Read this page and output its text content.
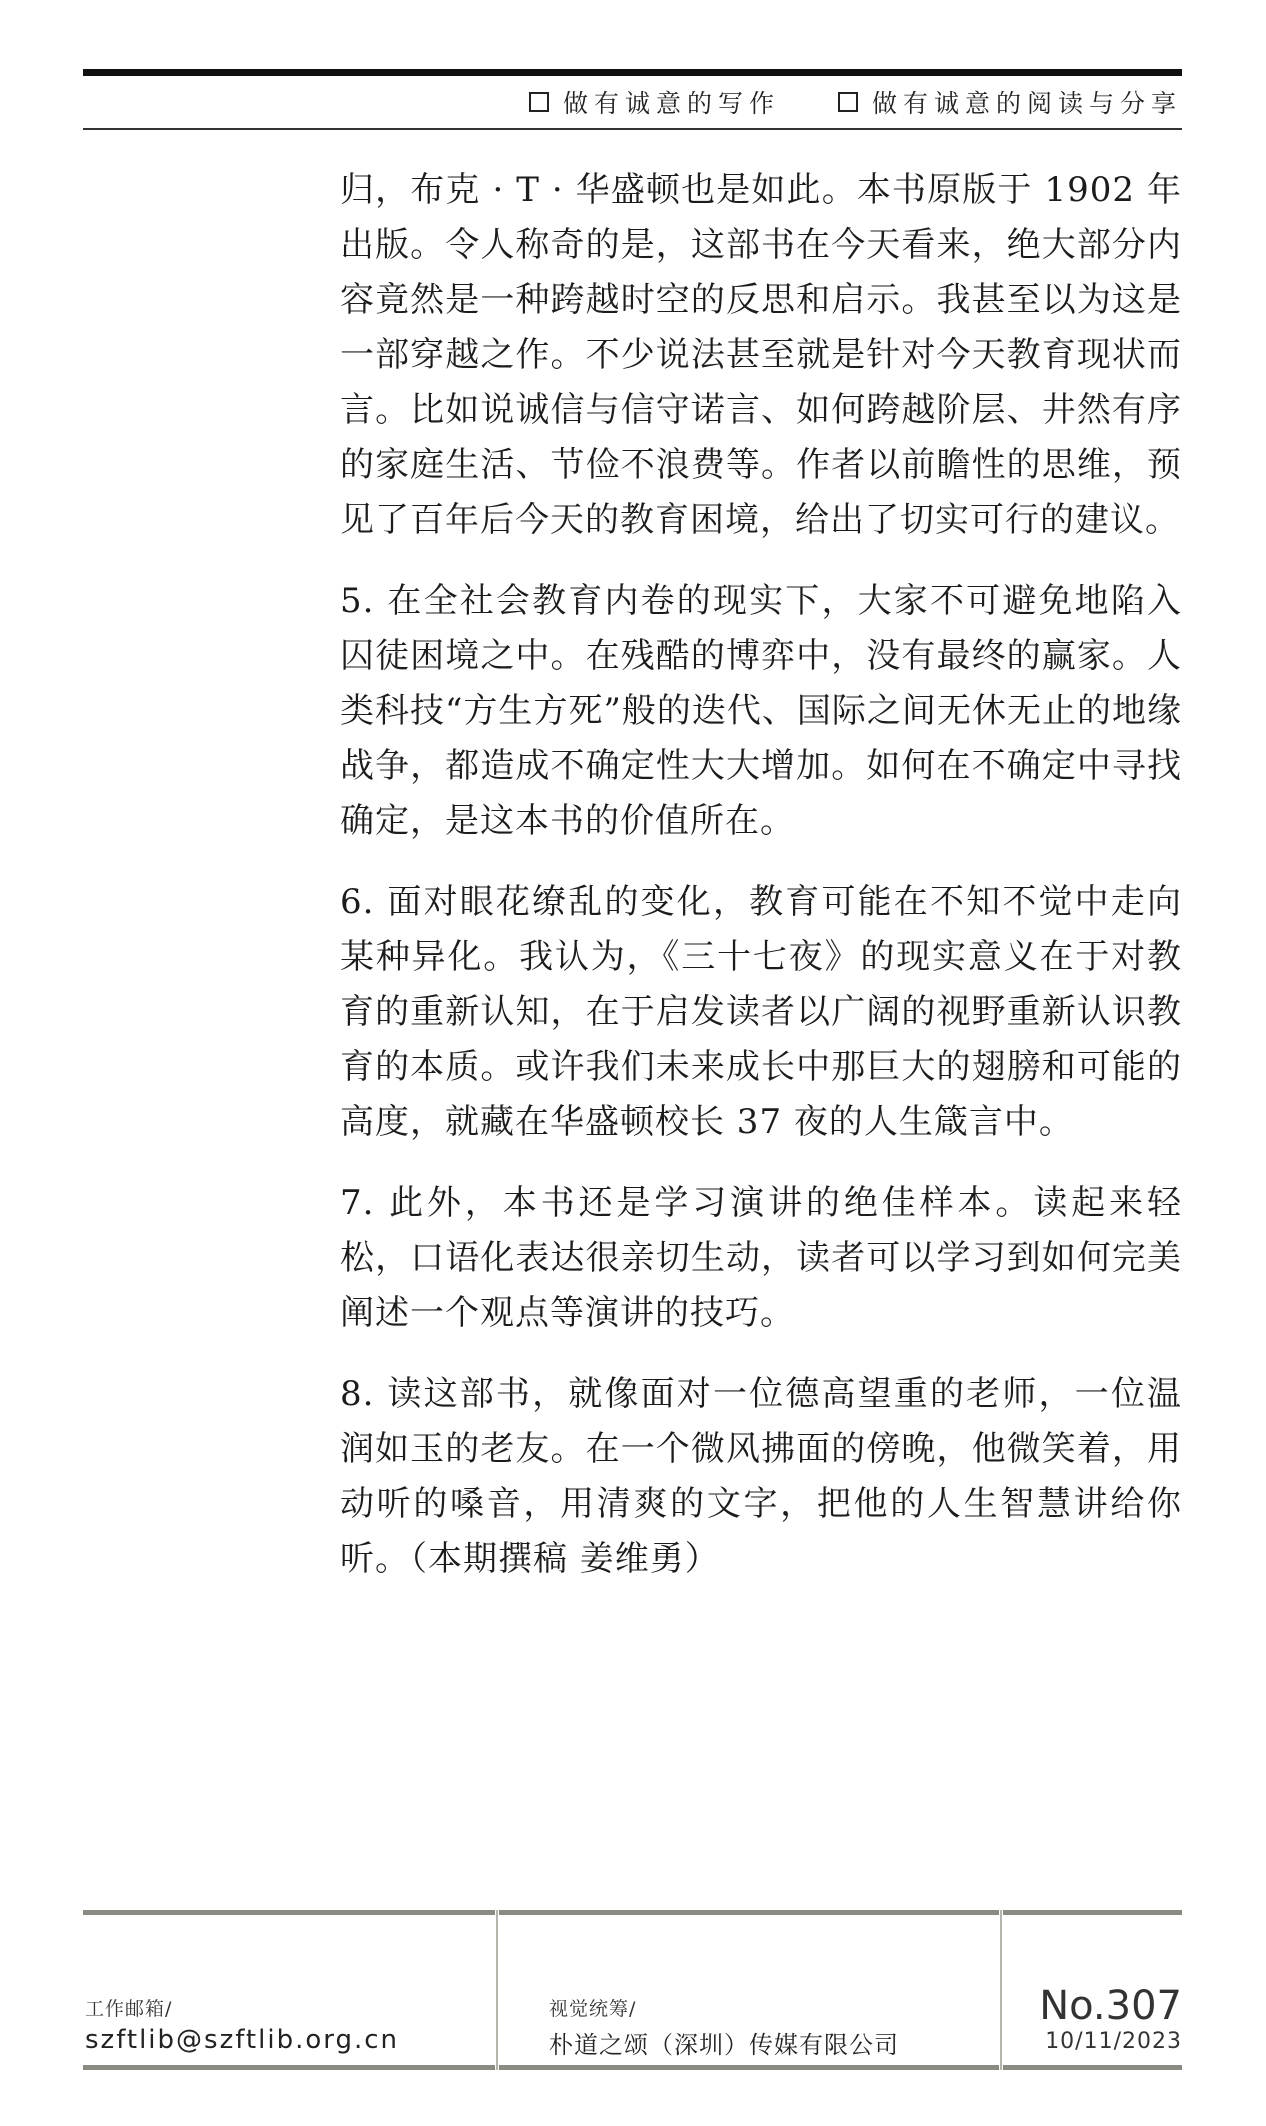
做有诚意的写作	做有诚意的阅读与分享

归，布克 · T · 华盛顿也是如此。本书原版于 1902 年出版。令人称奇的是，这部书在今天看来，绝大部分内容竟然是一种跨越时空的反思和启示。我甚至以为这是一部穿越之作。不少说法甚至就是针对今天教育现状而言。比如说诚信与信守诺言、如何跨越阶层、井然有序的家庭生活、节俭不浪费等。作者以前瞻性的思维，预见了百年后今天的教育困境，给出了切实可行的建议。

5. 在全社会教育内卷的现实下，大家不可避免地陷入囚徒困境之中。在残酷的博弈中，没有最终的赢家。人类科技“方生方死”般的迭代、国际之间无休无止的地缘战争，都造成不确定性大大增加。如何在不确定中寻找确定，是这本书的价值所在。

6. 面对眼花缭乱的变化，教育可能在不知不觉中走向某种异化。我认为，《三十七夜》的现实意义在于对教育的重新认知，在于启发读者以广阔的视野重新认识教育的本质。或许我们未来成长中那巨大的翅膀和可能的高度，就藏在华盛顿校长 37 夜的人生箴言中。

7. 此外，本书还是学习演讲的绝佳样本。读起来轻松，口语化表达很亲切生动，读者可以学习到如何完美阐述一个观点等演讲的技巧。

8. 读这部书，就像面对一位德高望重的老师，一位温润如玉的老友。在一个微风拂面的傍晚，他微笑着，用动听的嗓音，用清爽的文字，把他的人生智慧讲给你听。（本期撰稿 姜维勇）

工作邮箱/
szftlib@szftlib.org.cn
视觉统筹/
朴道之颂（深圳）传媒有限公司
No.307
10/11/2023
